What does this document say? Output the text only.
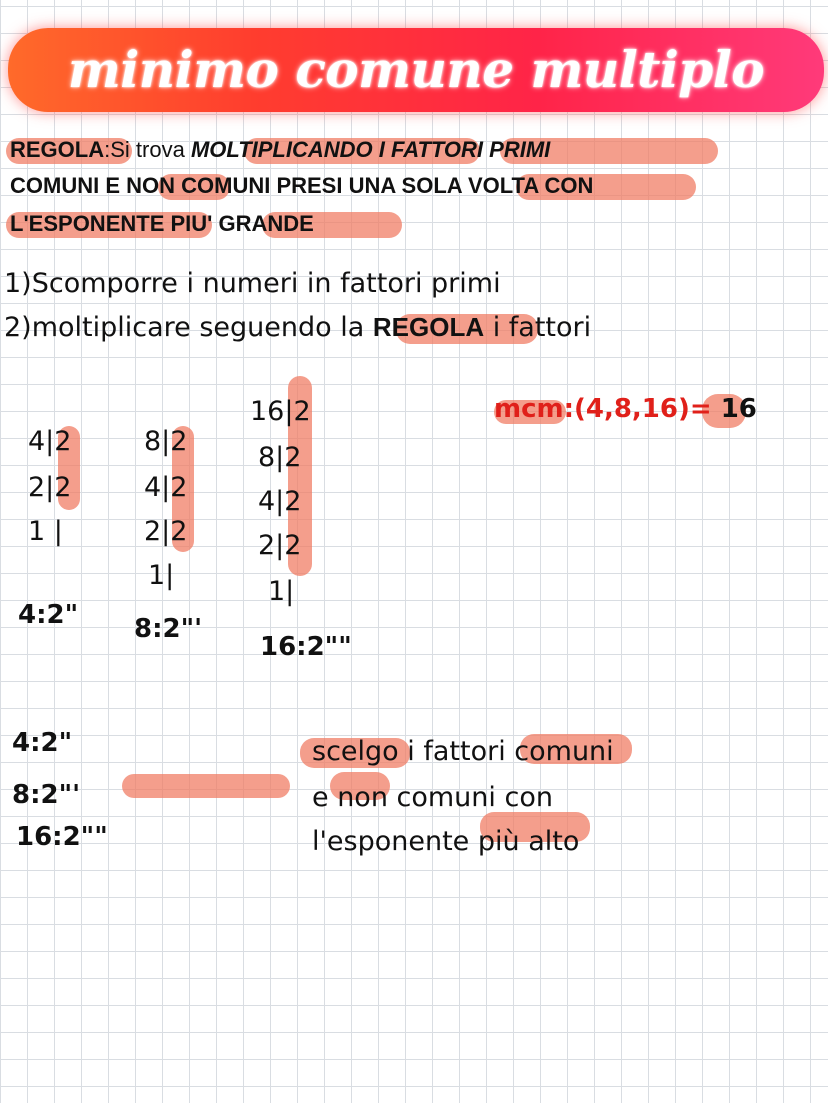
minimo comune multiplo
REGOLA:Si trova MOLTIPLICANDO I FATTORI PRIMI
COMUNI E NON COMUNI PRESI UNA SOLA VOLTA CON
L'ESPONENTE PIU' GRANDE
1)Scomporre i numeri in fattori primi
2)moltiplicare seguendo la REGOLA i fattori
4|2
2|2
1 |
4:2"
8|2
4|2
2|2
1|
8:2"'
16|2
8|2
4|2
2|2
1|
16:2""
mcm:(4,8,16)= 16
4:2"
8:2"'
16:2""
scelgo i fattori comuni
e non comuni con
l'esponente più alto
